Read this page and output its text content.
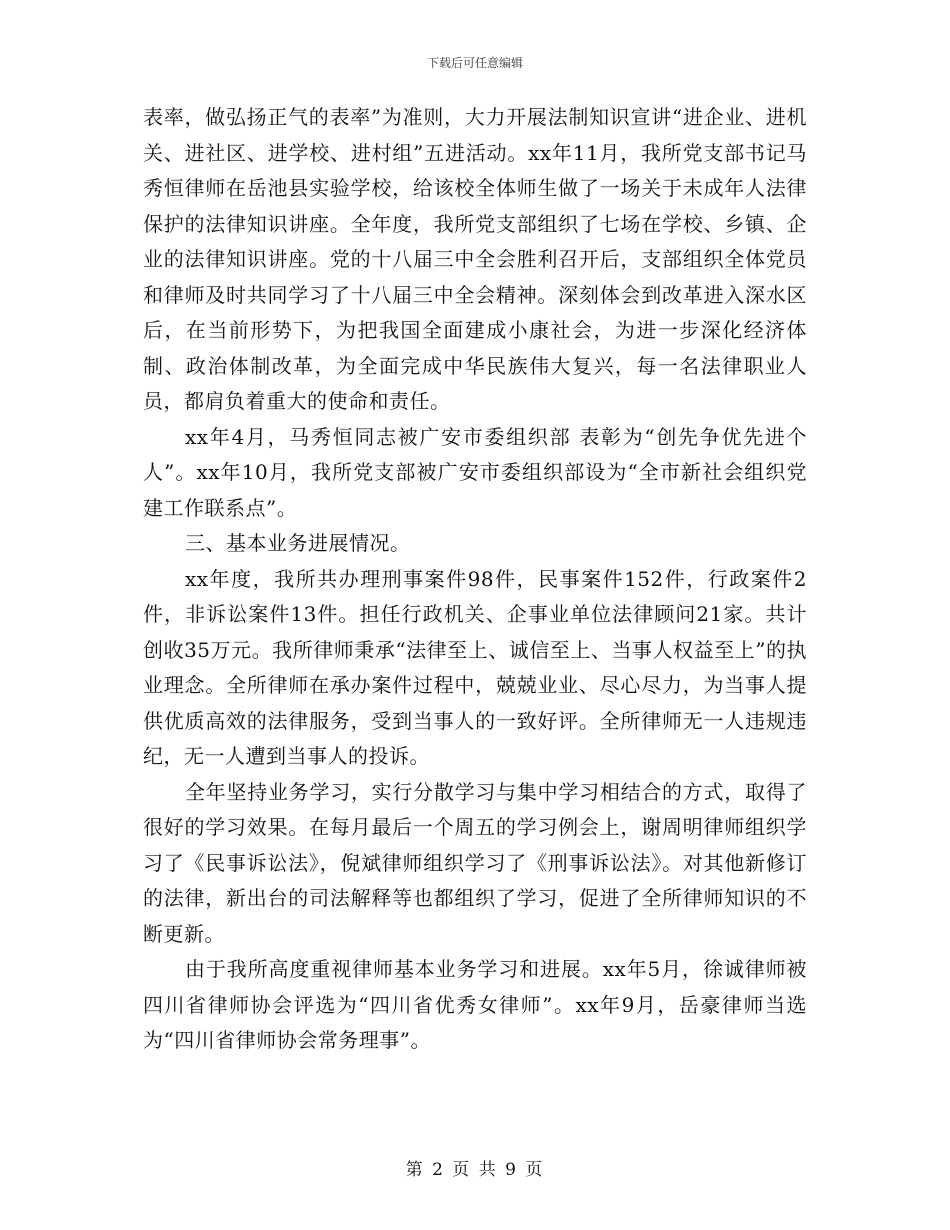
下载后可任意编辑

表率，做弘扬正气的表率”为准则，大力开展法制知识宣讲“进企业、进机关、进社区、进学校、进村组”五进活动。xx年11月，我所党支部书记马秀恒律师在岳池县实验学校，给该校全体师生做了一场关于未成年人法律保护的法律知识讲座。全年度，我所党支部组织了七场在学校、乡镇、企业的法律知识讲座。党的十八届三中全会胜利召开后，支部组织全体党员和律师及时共同学习了十八届三中全会精神。深刻体会到改革进入深水区后，在当前形势下，为把我国全面建成小康社会，为进一步深化经济体制、政治体制改革，为全面完成中华民族伟大复兴，每一名法律职业人员，都肩负着重大的使命和责任。

xx年4月，马秀恒同志被广安市委组织部 表彰为“创先争优先进个人”。xx年10月，我所党支部被广安市委组织部设为“全市新社会组织党建工作联系点”。

三、基本业务进展情况。

xx年度，我所共办理刑事案件98件，民事案件152件，行政案件2件，非诉讼案件13件。担任行政机关、企事业单位法律顾问21家。共计创收35万元。我所律师秉承“法律至上、诚信至上、当事人权益至上”的执业理念。全所律师在承办案件过程中，兢兢业业、尽心尽力，为当事人提供优质高效的法律服务，受到当事人的一致好评。全所律师无一人违规违纪，无一人遭到当事人的投诉。

全年坚持业务学习，实行分散学习与集中学习相结合的方式，取得了很好的学习效果。在每月最后一个周五的学习例会上，谢周明律师组织学习了《民事诉讼法》，倪斌律师组织学习了《刑事诉讼法》。对其他新修订的法律，新出台的司法解释等也都组织了学习，促进了全所律师知识的不断更新。

由于我所高度重视律师基本业务学习和进展。xx年5月，徐诚律师被四川省律师协会评选为“四川省优秀女律师”。xx年9月，岳豪律师当选为“四川省律师协会常务理事”。

第 2 页 共 9 页
